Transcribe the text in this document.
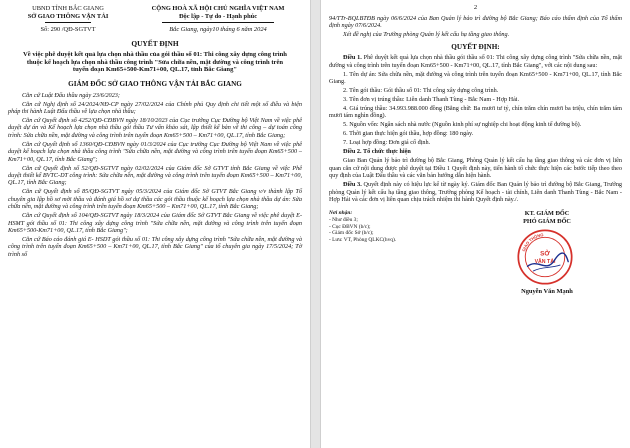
UBND TỈNH BẮC GIANG
SỞ GIAO THÔNG VẬN TẢI
CỘNG HOÀ XÃ HỘI CHỦ NGHĨA VIỆT NAM
Độc lập - Tự do - Hạnh phúc
Số: 290 /QĐ-SGTVT	Bắc Giang, ngày10 tháng 6 năm 2024
QUYẾT ĐỊNH
Về việc phê duyệt kết quả lựa chọn nhà thầu của gói thầu số 01: Thi công xây dựng công trình thuộc kế hoạch lựa chọn nhà thầu công trình "Sửa chữa nền, mặt đường và công trình trên tuyến đoạn Km65+500-Km71+00, QL.17, tỉnh Bắc Giang"
GIÁM ĐỐC SỞ GIAO THÔNG VẬN TẢI BẮC GIANG

Căn cứ Luật Đấu thầu ngày 23/6/2023;

Căn cứ Nghị định số 24/2024/NĐ-CP ngày 27/02/2024 của Chính phủ Quy định chi tiết một số điều và biện pháp thi hành Luật Đấu thầu về lựa chọn nhà thầu;

Căn cứ Quyết định số 4252/QĐ-CĐBVN ngày 18/10/2023 của Cục trưởng Cục Đường bộ Việt Nam về việc phê duyệt dự án và Kế hoạch lựa chọn nhà thầu gói thầu Tư vấn khảo sát, lập thiết kế bản vẽ thi công – dự toán công trình: Sửa chữa nền, mặt đường và công trình trên tuyến đoạn Km65+500 – Km71+00, QL.17, tỉnh Bắc Giang;

Căn cứ Quyết định số 1360/QĐ-CĐBVN ngày 01/3/2024 của Cục trưởng Cục Đường bộ Việt Nam về việc phê duyệt kế hoạch lựa chọn nhà thầu công trình "Sửa chữa nền, mặt đường và công trình trên tuyến đoạn Km65+500 – Km71+00, QL.17, tỉnh Bắc Giang";

Căn cứ Quyết định số 52/QĐ-SGTVT ngày 02/02/2024 của Giám đốc Sở GTVT tỉnh Bắc Giang về việc Phê duyệt thiết kế BVTC-DT công trình: Sửa chữa nền, mặt đường và công trình trên tuyến đoạn Km65+500 – Km71+00, QL.17, tỉnh Bắc Giang;

Căn cứ Quyết định số 85/QĐ-SGTVT ngày 05/3/2024 của Giám đốc Sở GTVT Bắc Giang v/v thành lập Tổ chuyên gia lập hồ sơ mời thầu và đánh giá hồ sơ dự thầu các gói thầu thuộc kế hoạch lựa chọn nhà thầu dự án: Sửa chữa nền, mặt đường và công trình trên tuyến đoạn Km65+500 – Km71+00, QL.17, tỉnh Bắc Giang;

Căn cứ Quyết định số 104/QĐ-SGTVT ngày 18/3/2024 của Giám đốc Sở GTVT Bắc Giang về việc phê duyệt E-HSMT gói thầu số 01: Thi công xây dựng công trình "Sửa chữa nền, mặt đường và công trình trên tuyến đoạn Km65+500-Km71+00, QL.17, tỉnh Bắc Giang";

Căn cứ Báo cáo đánh giá E- HSDT gói thầu số 01: Thi công xây dựng công trình "Sửa chữa nền, mặt đường và công trình trên tuyến đoạn Km65+500 – Km71+00, QL.17, tỉnh Bắc Giang" của tổ chuyên gia ngày 17/5/2024; Tờ trình số

2

94/TTr-BQLBTĐB ngày 06/6/2024 của Ban Quản lý bảo trì đường bộ Bắc Giang; Báo cáo thẩm định của Tổ thẩm định ngày 07/6/2024.

Xét đề nghị của Trưởng phòng Quản lý kết cấu hạ tầng giao thông.

QUYẾT ĐỊNH:

Điều 1. Phê duyệt kết quả lựa chọn nhà thầu gói thầu số 01: Thi công xây dựng công trình "Sửa chữa nền, mặt đường và công trình trên tuyến đoạn Km65+500 - Km71+00, QL.17, tỉnh Bắc Giang", với các nội dung sau:

1. Tên dự án: Sửa chữa nền, mặt đường và công trình trên tuyến đoạn Km65+500 - Km71+00, QL.17, tỉnh Bắc Giang.

2. Tên gói thầu: Gói thầu số 01: Thi công xây dựng công trình.

3. Tên đơn vị trúng thầu: Liên danh Thanh Tùng - Bắc Nam - Hợp Hải.

4. Giá trúng thầu: 34.993.988.000 đồng (Bằng chữ: Ba mươi tư tỷ, chín trăm chín mươi ba triệu, chín trăm tám mươi tám nghìn đồng).

5. Nguồn vốn: Ngân sách nhà nước (Nguồn kinh phí sự nghiệp chi hoạt động kinh tế đường bộ).

6. Thời gian thực hiện gói thầu, hợp đồng: 180 ngày.

7. Loại hợp đồng: Đơn giá cố định.

Điều 2. Tổ chức thực hiện

Giao Ban Quản lý bảo trì đường bộ Bắc Giang, Phòng Quản lý kết cấu hạ tầng giao thông và các đơn vị liên quan căn cứ nội dung được phê duyệt tại Điều 1 Quyết định này, tiến hành tổ chức thực hiện các bước tiếp theo theo quy định của Luật Đấu thầu và các văn bản hướng dẫn hiện hành.

Điều 3. Quyết định này có hiệu lực kể từ ngày ký. Giám đốc Ban Quản lý bảo trì đường bộ Bắc Giang, Trưởng phòng Quản lý kết cấu hạ tầng giao thông, Trưởng phòng Kế hoạch - tài chính, Liên danh Thanh Tùng - Bắc Nam - Hợp Hải và các đơn vị liên quan chịu trách nhiệm thi hành Quyết định này./.

Nơi nhận:
- Như điều 3;
- Cục ĐBVN (b/c);
- Giám đốc Sở (b/c);
- Lưu: VT, Phòng QLKC(hvq).
KT. GIÁM ĐỐC
PHÓ GIÁM ĐỐC
SỞ
VẬN TẢI
GIAO THÔNG
Nguyễn Văn Mạnh
